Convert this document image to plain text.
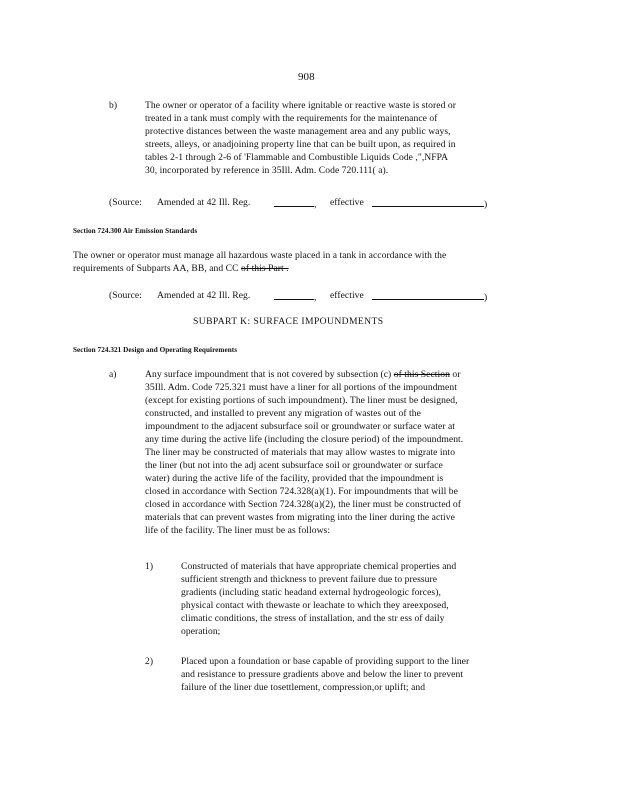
908
b)	The owner or operator of a facility where ignitable or reactive waste is stored or
treated in a tank must comply with the requirements for the maintenance of
protective distances between the waste management area and any public ways,
streets, alleys, or anadjoining property line that can be built upon, as required in
tables 2-1 through 2-6 of 'Flammable and Combustible Liquids Code ,",NFPA
30, incorporated by reference in 35Ill. Adm. Code 720.111( a).
(Source: Amended at 42 Ill. Reg.	, effective	)
Section 724.300 Air Emission Standards
The owner or operator must manage all hazardous waste placed in a tank in accordance with the
requirements of Subparts AA, BB, and CC of this Part .
(Source: Amended at 42 Ill. Reg.	, effective	)
SUBPART K: SURFACE IMPOUNDMENTS
Section 724.321 Design and Operating Requirements
a)	Any surface impoundment that is not covered by subsection (c) of this Section or
35Ill. Adm. Code 725.321 must have a liner for all portions of the impoundment
(except for existing portions of such impoundment). The liner must be designed,
constructed, and installed to prevent any migration of wastes out of the
impoundment to the adjacent subsurface soil or groundwater or surface water at
any time during the active life (including the closure period) of the impoundment.
The liner may be constructed of materials that may allow wastes to migrate into
the liner (but not into the adj acent subsurface soil or groundwater or surface
water) during the active life of the facility, provided that the impoundment is
closed in accordance with Section 724.328(a)(1). For impoundments that will be
closed in accordance with Section 724.328(a)(2), the liner must be constructed of
materials that can prevent wastes from migrating into the liner during the active
life of the facility. The liner must be as follows:
1)	Constructed of materials that have appropriate chemical properties and
sufficient strength and thickness to prevent failure due to pressure
gradients (including static headand external hydrogeologic forces),
physical contact with thewaste or leachate to which they areexposed,
climatic conditions, the stress of installation, and the str ess of daily
operation;
2)	Placed upon a foundation or base capable of providing support to the liner
and resistance to pressure gradients above and below the liner to prevent
failure of the liner due tosettlement, compression,or uplift; and
